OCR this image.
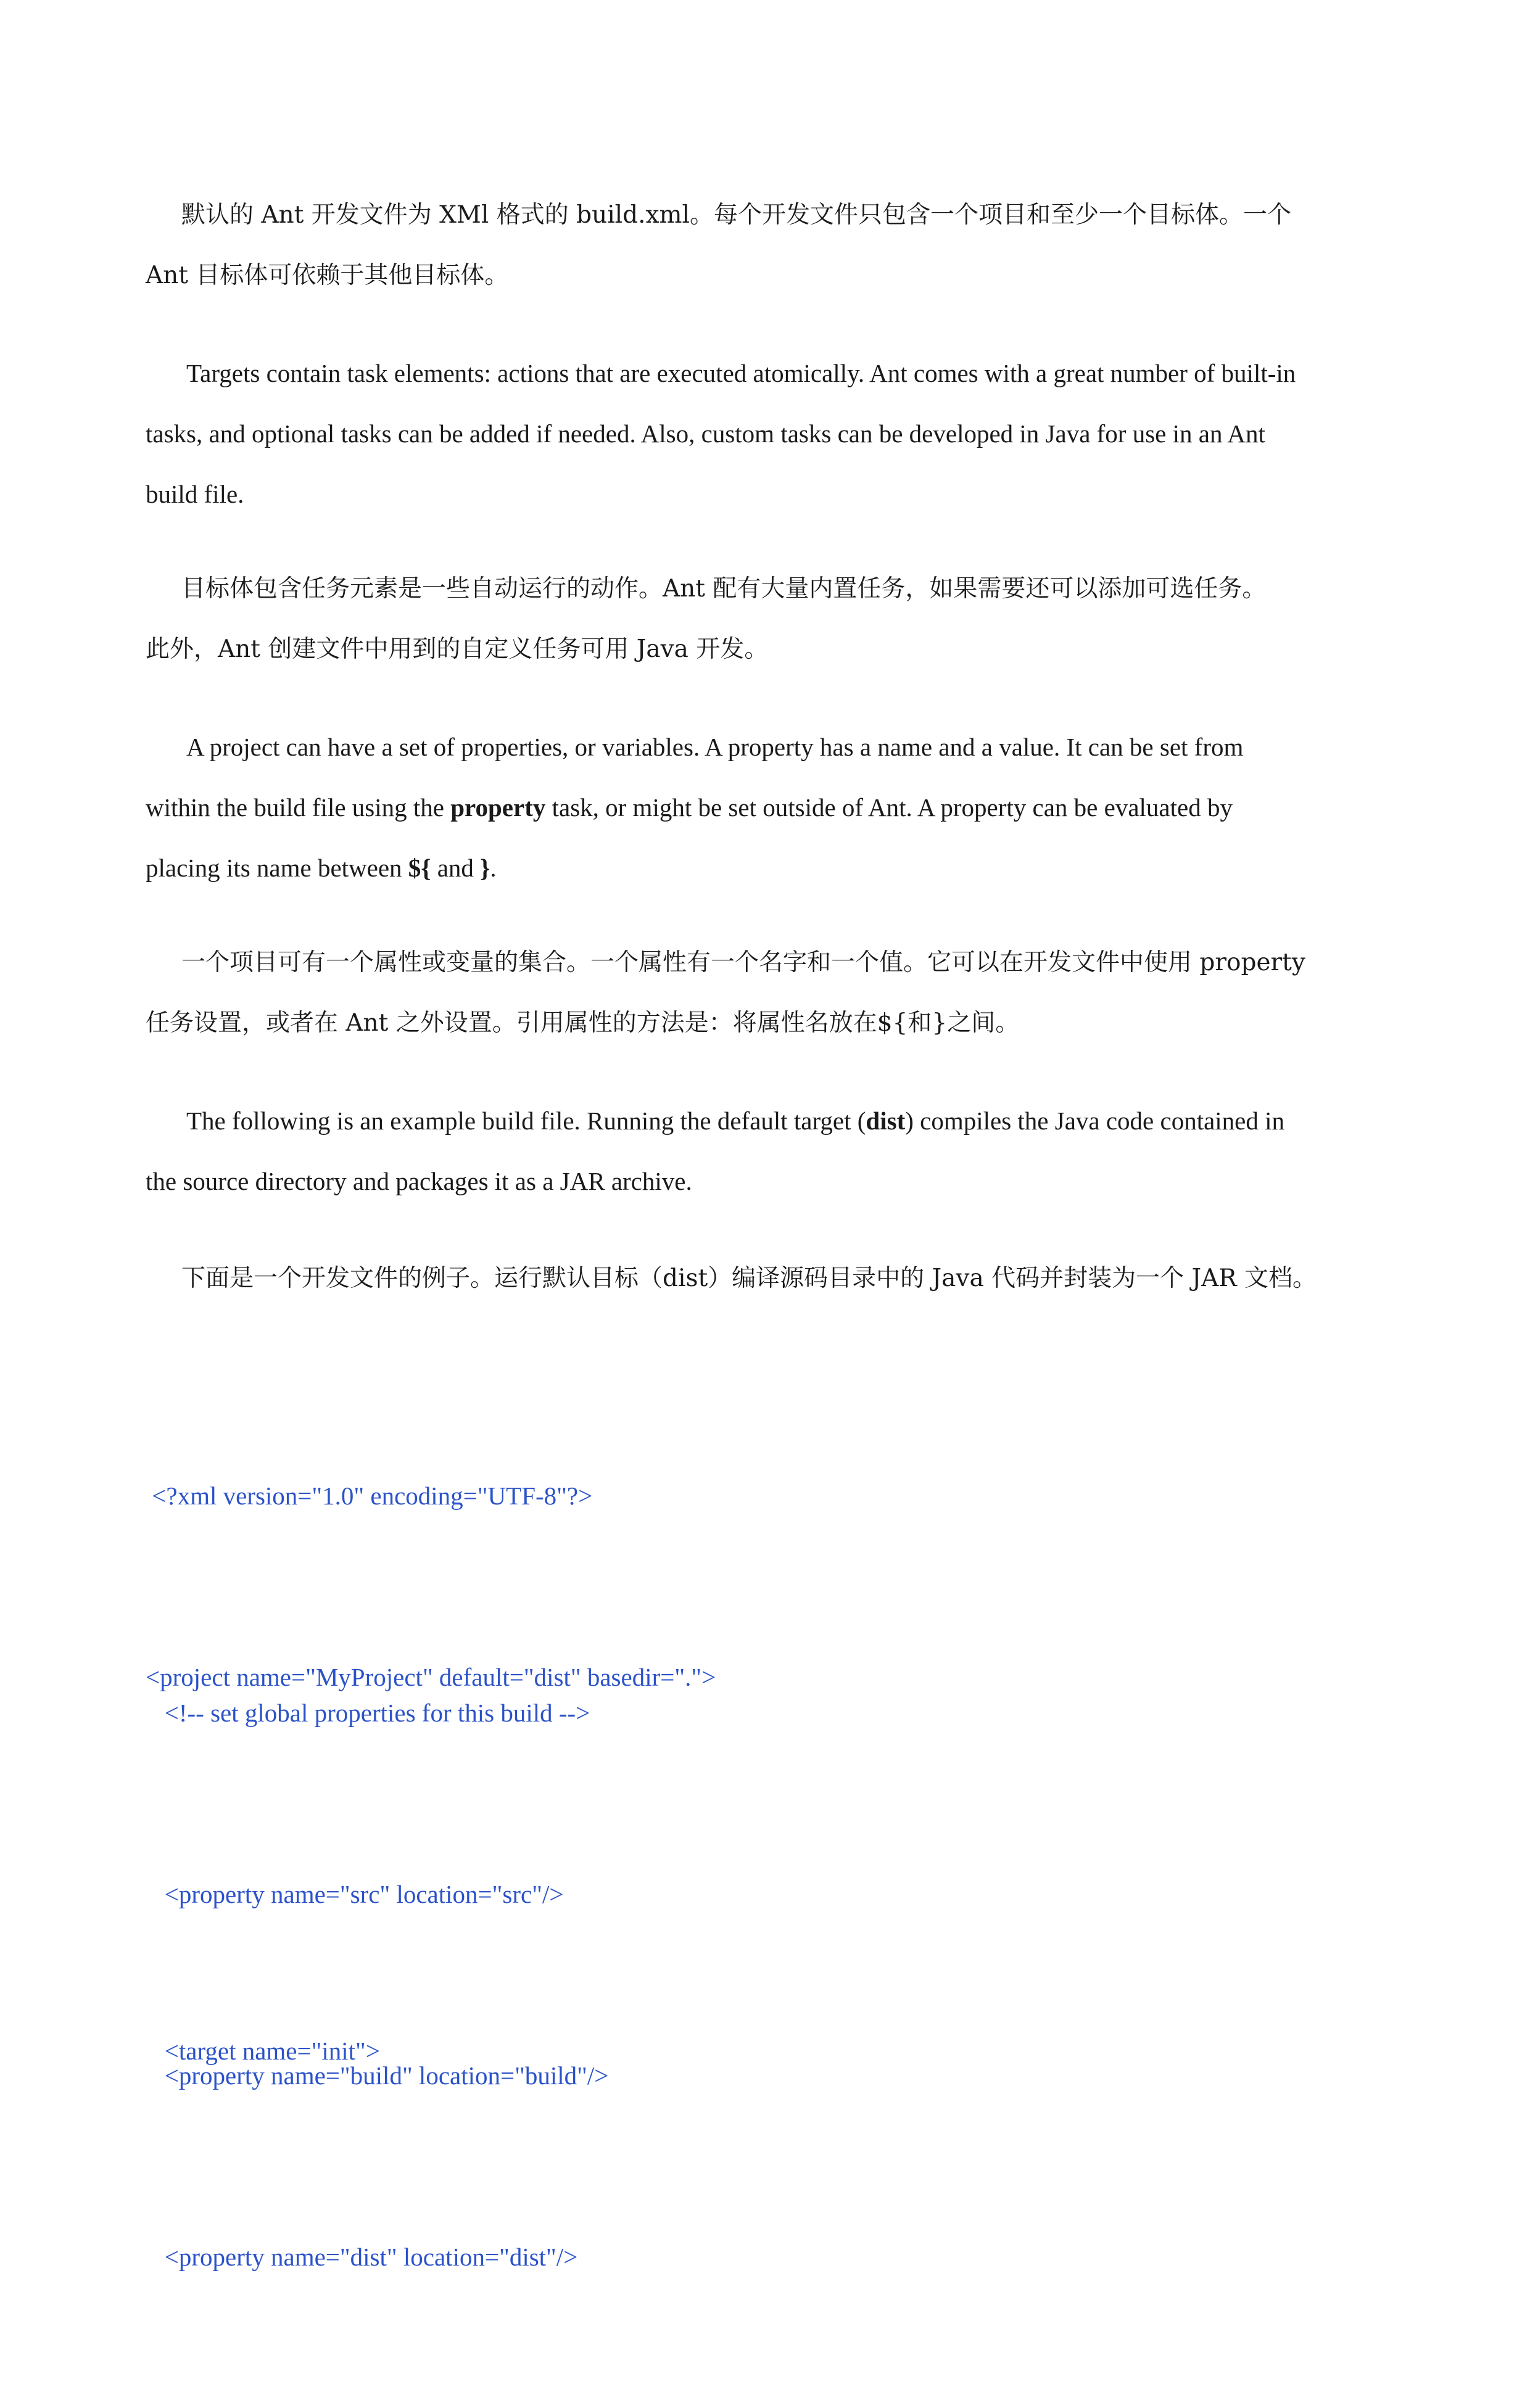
默认的 Ant 开发文件为 XMl 格式的 build.xml。每个开发文件只包含一个项目和至少一个目标体。一个
Ant 目标体可依赖于其他目标体。
Targets contain task elements: actions that are executed atomically. Ant comes with a great number of built-in
tasks, and optional tasks can be added if needed. Also, custom tasks can be developed in Java for use in an Ant
build file.
目标体包含任务元素是一些自动运行的动作。Ant 配有大量内置任务，如果需要还可以添加可选任务。
此外，Ant 创建文件中用到的自定义任务可用 Java 开发。
A project can have a set of properties, or variables. A property has a name and a value. It can be set from
within the build file using the property task, or might be set outside of Ant. A property can be evaluated by
placing its name between ${ and }.
一个项目可有一个属性或变量的集合。一个属性有一个名字和一个值。它可以在开发文件中使用 property
任务设置，或者在 Ant 之外设置。引用属性的方法是：将属性名放在${和}之间。
The following is an example build file. Running the default target (dist) compiles the Java code contained in
the source directory and packages it as a JAR archive.
下面是一个开发文件的例子。运行默认目标（dist）编译源码目录中的 Java 代码并封装为一个 JAR 文档。

<?xml version="1.0" encoding="UTF-8"?>

<project name="MyProject" default="dist" basedir=".">

<!-- set global properties for this build -->

<property name="src" location="src"/>

<property name="build" location="build"/>

<property name="dist" location="dist"/>

<target name="init">
